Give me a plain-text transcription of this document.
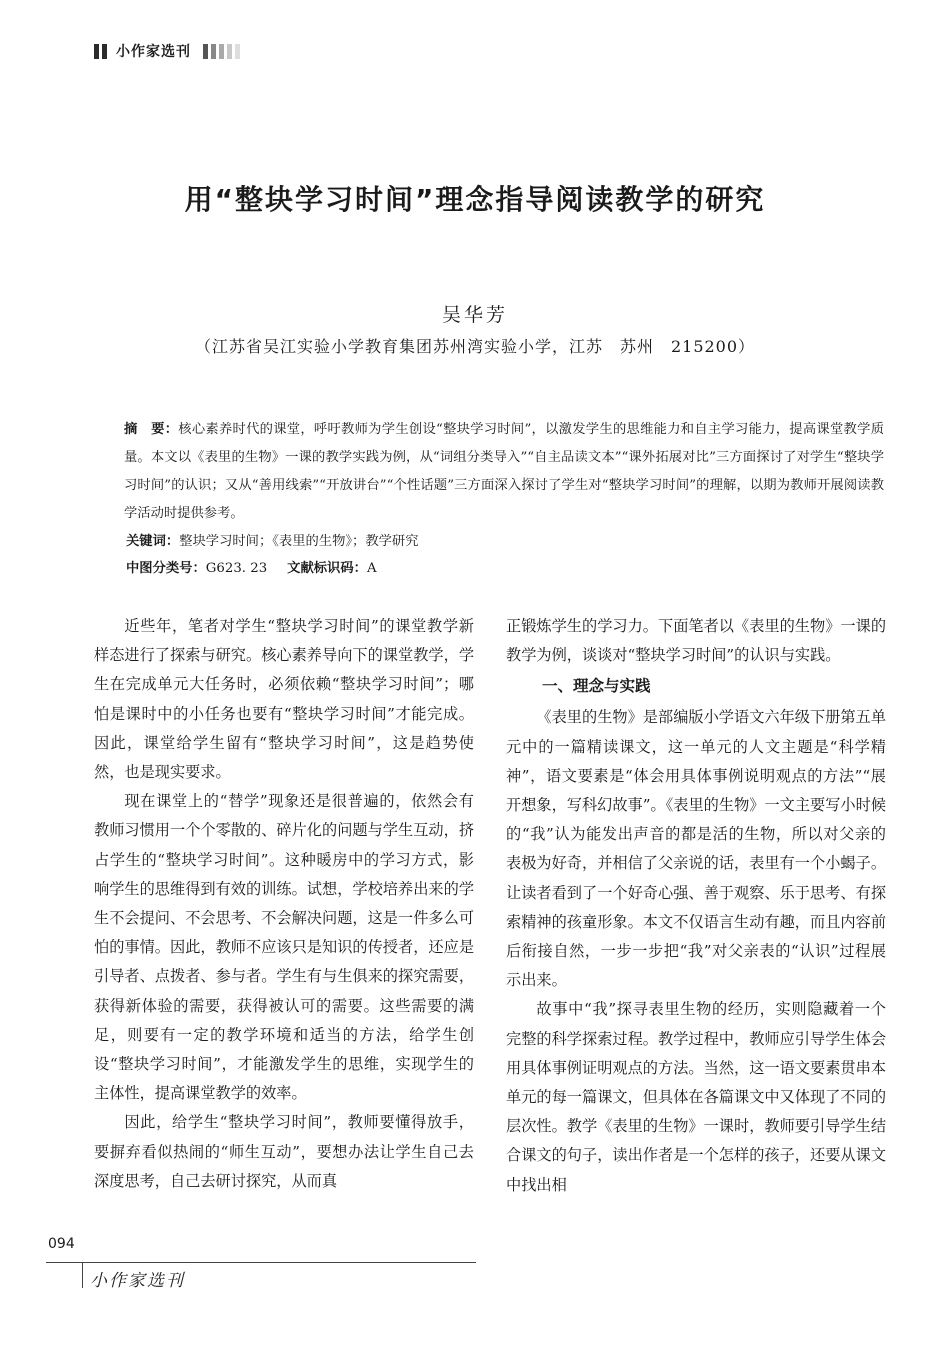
小作家选刊
用“整块学习时间”理念指导阅读教学的研究
吴华芳
（江苏省吴江实验小学教育集团苏州湾实验小学，江苏　苏州　215200）

摘　要：核心素养时代的课堂，呼吁教师为学生创设“整块学习时间”，以激发学生的思维能力和自主学习能力，提高课堂教学质量。本文以《表里的生物》一课的教学实践为例，从“词组分类导入”“自主品读文本”“课外拓展对比”三方面探讨了对学生“整块学习时间”的认识；又从“善用线索”“开放讲台”“个性话题”三方面深入探讨了学生对“整块学习时间”的理解，以期为教师开展阅读教学活动时提供参考。

关键词：整块学习时间；《表里的生物》；教学研究
中图分类号：G623. 23 文献标识码：A

近些年，笔者对学生“整块学习时间”的课堂教学新样态进行了探索与研究。核心素养导向下的课堂教学，学生在完成单元大任务时，必须依赖“整块学习时间”；哪怕是课时中的小任务也要有“整块学习时间”才能完成。因此，课堂给学生留有“整块学习时间”，这是趋势使然，也是现实要求。

现在课堂上的“替学”现象还是很普遍的，依然会有教师习惯用一个个零散的、碎片化的问题与学生互动，挤占学生的“整块学习时间”。这种暖房中的学习方式，影响学生的思维得到有效的训练。试想，学校培养出来的学生不会提问、不会思考、不会解决问题，这是一件多么可怕的事情。因此，教师不应该只是知识的传授者，还应是引导者、点拨者、参与者。学生有与生俱来的探究需要，获得新体验的需要，获得被认可的需要。这些需要的满足，则要有一定的教学环境和适当的方法，给学生创设“整块学习时间”，才能激发学生的思维，实现学生的主体性，提高课堂教学的效率。

因此，给学生“整块学习时间”，教师要懂得放手，要摒弃看似热闹的“师生互动”，要想办法让学生自己去深度思考，自己去研讨探究，从而真

正锻炼学生的学习力。下面笔者以《表里的生物》一课的教学为例，谈谈对“整块学习时间”的认识与实践。

一、理念与实践

《表里的生物》是部编版小学语文六年级下册第五单元中的一篇精读课文，这一单元的人文主题是“科学精神”，语文要素是“体会用具体事例说明观点的方法”“展开想象，写科幻故事”。《表里的生物》一文主要写小时候的“我”认为能发出声音的都是活的生物，所以对父亲的表极为好奇，并相信了父亲说的话，表里有一个小蝎子。让读者看到了一个好奇心强、善于观察、乐于思考、有探索精神的孩童形象。本文不仅语言生动有趣，而且内容前后衔接自然，一步一步把“我”对父亲表的“认识”过程展示出来。

故事中“我”探寻表里生物的经历，实则隐藏着一个完整的科学探索过程。教学过程中，教师应引导学生体会用具体事例证明观点的方法。当然，这一语文要素贯串本单元的每一篇课文，但具体在各篇课文中又体现了不同的层次性。教学《表里的生物》一课时，教师要引导学生结合课文的句子，读出作者是一个怎样的孩子，还要从课文中找出相

094
小作家选刊
